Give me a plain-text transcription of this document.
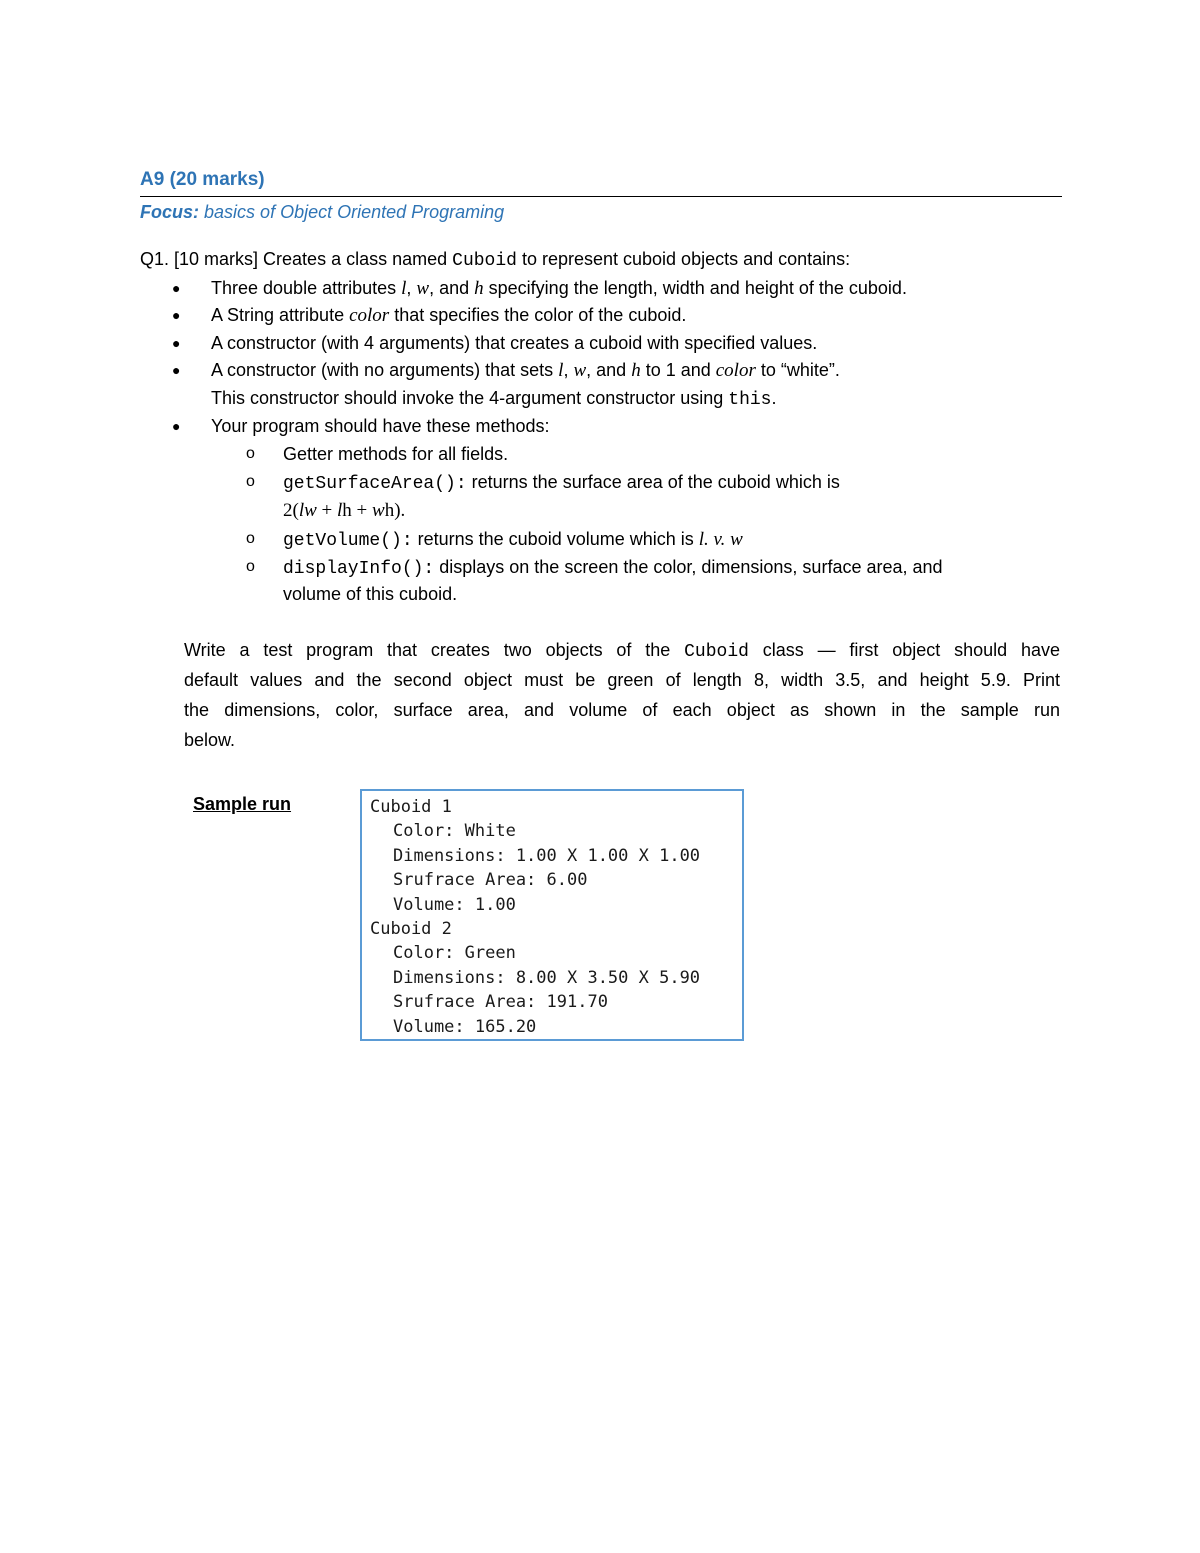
A9 (20 marks)
Focus: basics of Object Oriented Programing
Q1. [10 marks] Creates a class named Cuboid to represent cuboid objects and contains:
● Three double attributes l, w, and h specifying the length, width and height of the cuboid.
● A String attribute color that specifies the color of the cuboid.
● A constructor (with 4 arguments) that creates a cuboid with specified values.
● A constructor (with no arguments) that sets l, w, and h to 1 and color to “white”.
This constructor should invoke the 4-argument constructor using this.
● Your program should have these methods:
o Getter methods for all fields.
o getSurfaceArea(): returns the surface area of the cuboid which is
2(lw + lh + wh).
o getVolume(): returns the cuboid volume which is l. v. w
o displayInfo(): displays on the screen the color, dimensions, surface area, and
volume of this cuboid.
Write a test program that creates two objects of the Cuboid class — first object should have
default values and the second object must be green of length 8, width 3.5, and height 5.9. Print
the dimensions, color, surface area, and volume of each object as shown in the sample run
below.
Sample run	Cuboid 1
Color: White
Dimensions: 1.00 X 1.00 X 1.00
Srufrace Area: 6.00
Volume: 1.00
Cuboid 2
Color: Green
Dimensions: 8.00 X 3.50 X 5.90
Srufrace Area: 191.70
Volume: 165.20
